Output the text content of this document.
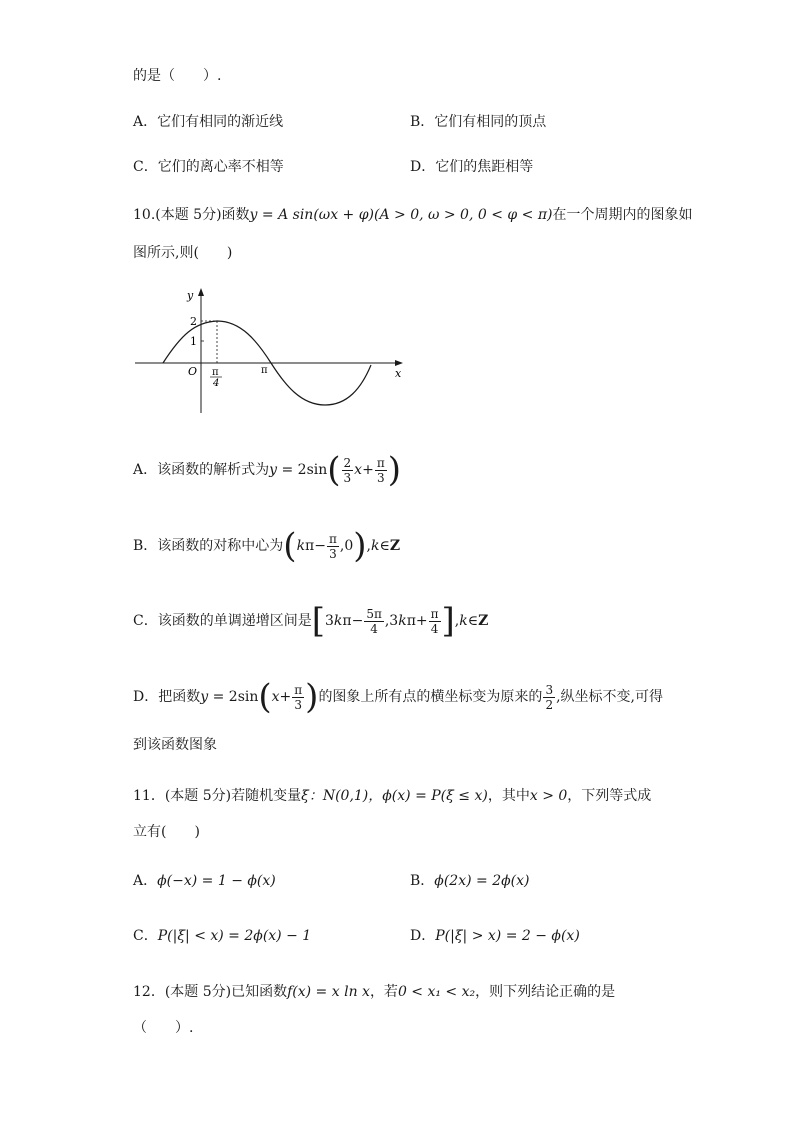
的是（　　）.
A．它们有相同的渐近线	B．它们有相同的顶点
C．它们的离心率不相等	D．它们的焦距相等
10.(本题 5分)函数y = A sin(ωx + φ)(A > 0, ω > 0, 0 < φ < π)在一个周期内的图象如
图所示,则(　　)
y
2
1
O π
4
π	x
A．该函数的解析式为$y = 2\sin( \frac{2}{3} x+ \frac{\pi}{3}$ )
B．该函数的对称中心为($k\pi- \frac{\pi}{3}$ ,0),k∈Z
C．该函数的单调递增区间是[$3k\pi- \frac{5\pi}{4} ,3k\pi+ \frac{\pi}{4}$ ],k∈Z
D．把函数$y = 2\sin(x+ \frac{\pi}{3}$ )的图象上所有点的横坐标变为原来的 $\frac{3}{2}$ ,纵坐标不变,可得
到该函数图象
11．(本题 5分)若随机变量ξ：N(0,1)，ϕ(x) = P(ξ ≤ x)，其中x > 0，下列等式成
立有(　　)
A．ϕ(−x) = 1 − ϕ(x)	B．ϕ(2x) = 2ϕ(x)
C．P(|ξ| < x) = 2ϕ(x) − 1	D．P(|ξ| > x) = 2 − ϕ(x)
12．(本题 5分)已知函数f(x) = x ln x，若0 < x₁ < x₂，则下列结论正确的是
（　　）.
